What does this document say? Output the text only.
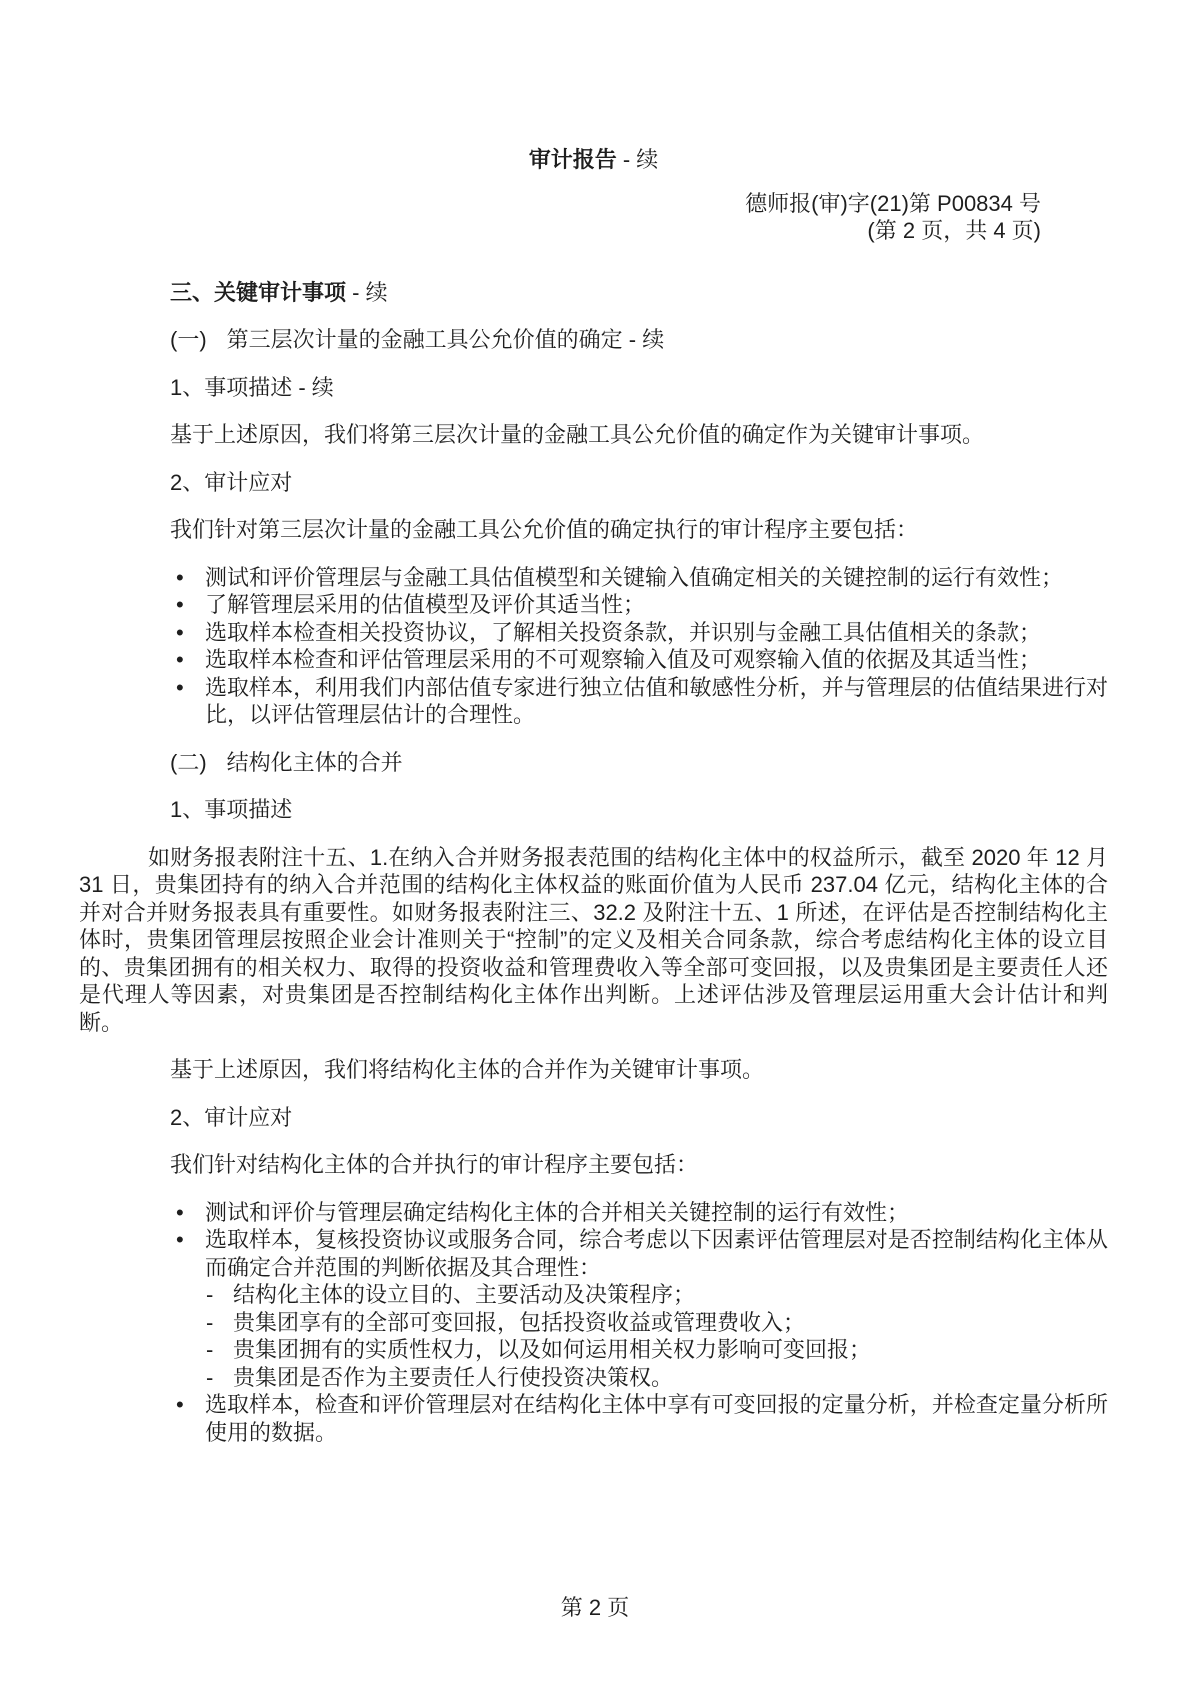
审计报告 - 续
德师报(审)字(21)第 P00834 号
(第 2 页，共 4 页)
三、关键审计事项 - 续
(一) 第三层次计量的金融工具公允价值的确定 - 续
1、事项描述 - 续
基于上述原因，我们将第三层次计量的金融工具公允价值的确定作为关键审计事项。
2、审计应对
我们针对第三层次计量的金融工具公允价值的确定执行的审计程序主要包括：
• 测试和评价管理层与金融工具估值模型和关键输入值确定相关的关键控制的运行有效性；
• 了解管理层采用的估值模型及评价其适当性；
• 选取样本检查相关投资协议，了解相关投资条款，并识别与金融工具估值相关的条款；
• 选取样本检查和评估管理层采用的不可观察输入值及可观察输入值的依据及其适当性；
• 选取样本，利用我们内部估值专家进行独立估值和敏感性分析，并与管理层的估值结果进行对比，以评估管理层估计的合理性。
(二) 结构化主体的合并
1、事项描述
如财务报表附注十五、1.在纳入合并财务报表范围的结构化主体中的权益所示，截至 2020 年 12 月 31 日，贵集团持有的纳入合并范围的结构化主体权益的账面价值为人民币 237.04 亿元，结构化主体的合并对合并财务报表具有重要性。如财务报表附注三、32.2 及附注十五、1 所述，在评估是否控制结构化主体时，贵集团管理层按照企业会计准则关于“控制”的定义及相关合同条款，综合考虑结构化主体的设立目的、贵集团拥有的相关权力、取得的投资收益和管理费收入等全部可变回报，以及贵集团是主要责任人还是代理人等因素，对贵集团是否控制结构化主体作出判断。上述评估涉及管理层运用重大会计估计和判断。
基于上述原因，我们将结构化主体的合并作为关键审计事项。
2、审计应对
我们针对结构化主体的合并执行的审计程序主要包括：
• 测试和评价与管理层确定结构化主体的合并相关关键控制的运行有效性；
• 选取样本，复核投资协议或服务合同，综合考虑以下因素评估管理层对是否控制结构化主体从而确定合并范围的判断依据及其合理性：
- 结构化主体的设立目的、主要活动及决策程序；
- 贵集团享有的全部可变回报，包括投资收益或管理费收入；
- 贵集团拥有的实质性权力，以及如何运用相关权力影响可变回报；
- 贵集团是否作为主要责任人行使投资决策权。
• 选取样本，检查和评价管理层对在结构化主体中享有可变回报的定量分析，并检查定量分析所使用的数据。
第 2 页
